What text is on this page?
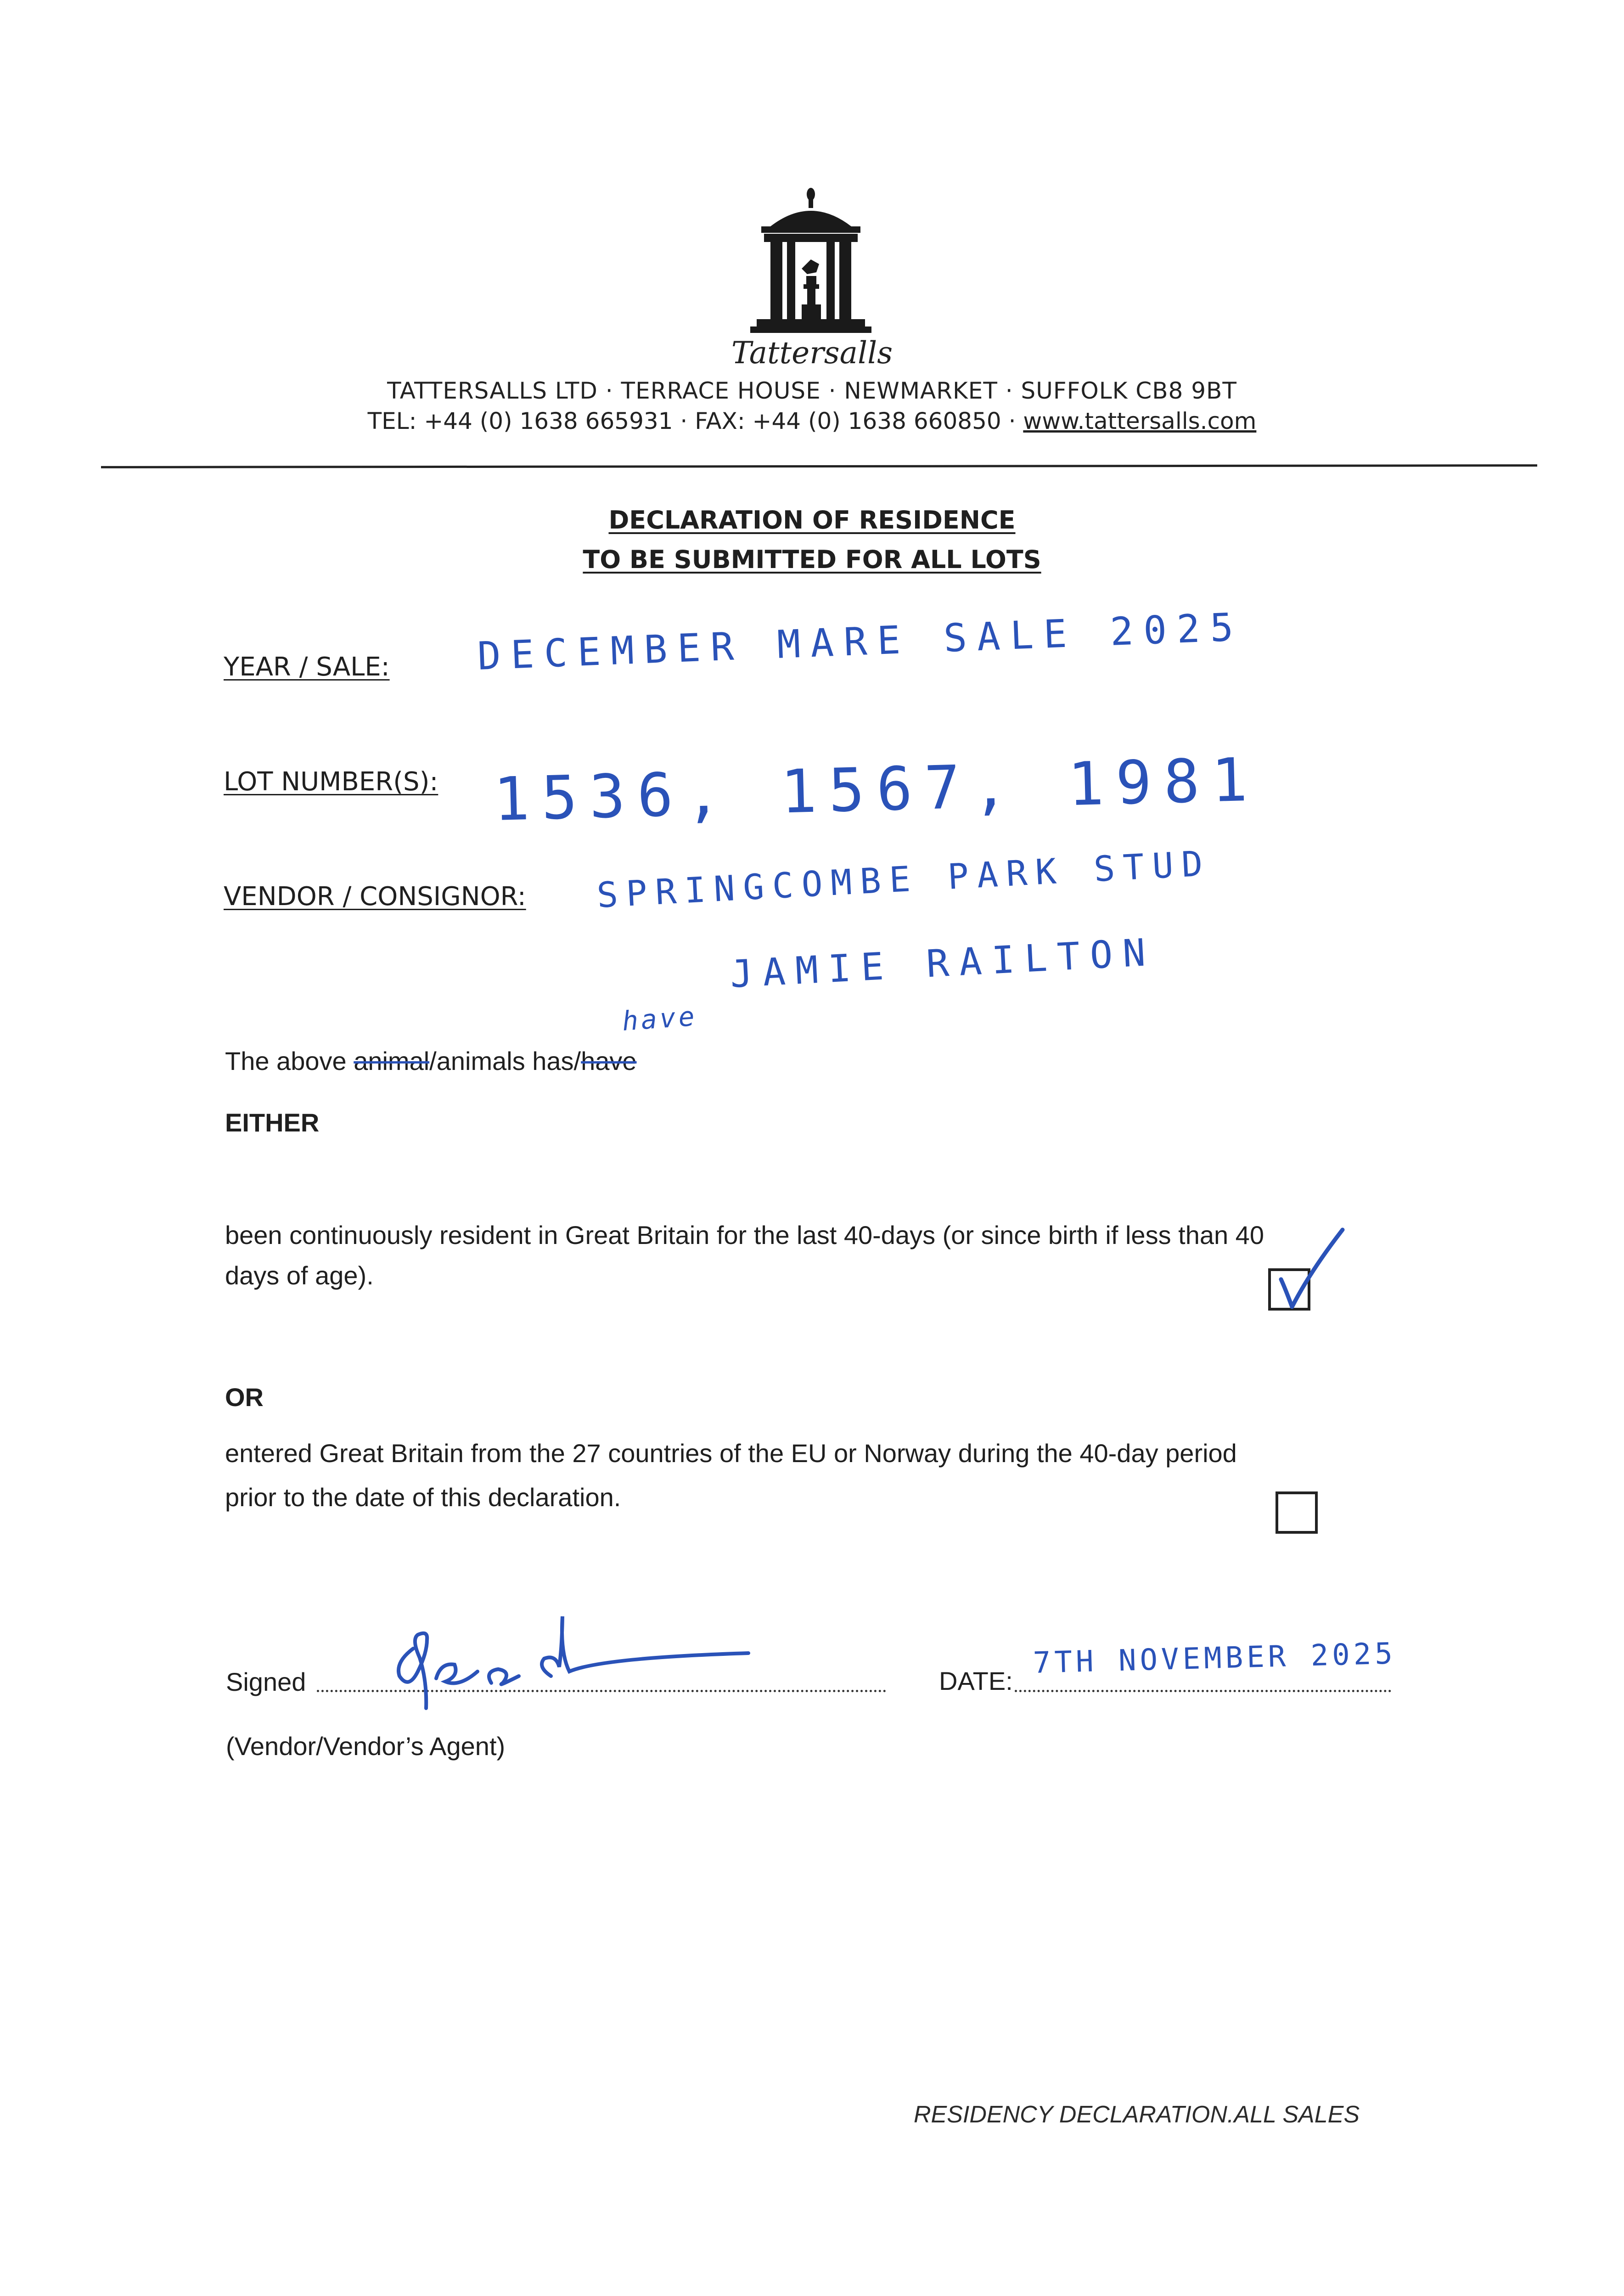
Tattersalls
TATTERSALLS LTD · TERRACE HOUSE · NEWMARKET · SUFFOLK CB8 9BT
TEL: +44 (0) 1638 665931 · FAX: +44 (0) 1638 660850 · www.tattersalls.com
DECLARATION OF RESIDENCE
TO BE SUBMITTED FOR ALL LOTS
YEAR / SALE: DECEMBER MARE SALE 2025
LOT NUMBER(S): 1536, 1567, 1981
VENDOR / CONSIGNOR: SPRINGCOMBE PARK STUD
JAMIE RAILTON
have
The above animal/animals has/have
EITHER
been continuously resident in Great Britain for the last 40-days (or since birth if less than 40
days of age).
OR
entered Great Britain from the 27 countries of the EU or Norway during the 40-day period
prior to the date of this declaration.
Signed	DATE:
7TH NOVEMBER 2025
(Vendor/Vendor’s Agent)
RESIDENCY DECLARATION.ALL SALES
